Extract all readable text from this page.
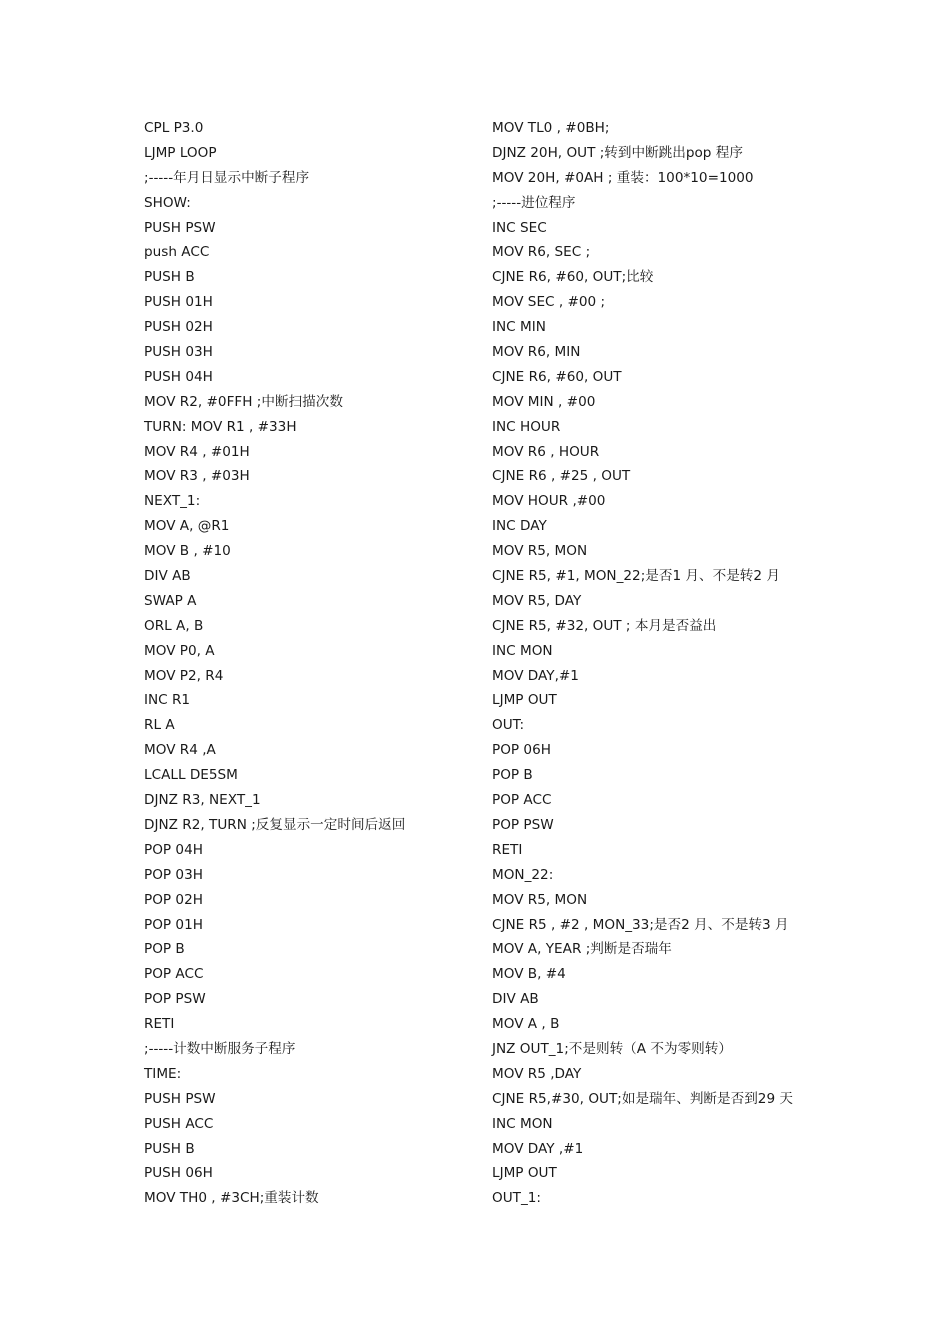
CPL P3.0
LJMP LOOP
;-----年月日显示中断子程序
SHOW:
PUSH PSW
push ACC
PUSH B
PUSH 01H
PUSH 02H
PUSH 03H
PUSH 04H
MOV R2, #0FFH ;中断扫描次数
TURN: MOV R1 , #33H
MOV R4 , #01H
MOV R3 , #03H
NEXT_1:
MOV A, @R1
MOV B , #10
DIV AB
SWAP A
ORL A, B
MOV P0, A
MOV P2, R4
INC R1
RL A
MOV R4 ,A
LCALL DE5SM
DJNZ R3, NEXT_1
DJNZ R2, TURN ;反复显示一定时间后返回
POP 04H
POP 03H
POP 02H
POP 01H
POP B
POP ACC
POP PSW
RETI
;-----计数中断服务子程序
TIME:
PUSH PSW
PUSH ACC
PUSH B
PUSH 06H
MOV TH0 , #3CH;重装计数
MOV TL0 , #0BH;
DJNZ 20H, OUT ;转到中断跳出pop 程序
MOV 20H, #0AH ; 重装：100*10=1000
;-----进位程序
INC SEC
MOV R6, SEC ;
CJNE R6, #60, OUT;比较
MOV SEC , #00 ;
INC MIN
MOV R6, MIN
CJNE R6, #60, OUT
MOV MIN , #00
INC HOUR
MOV R6 , HOUR
CJNE R6 , #25 , OUT
MOV HOUR ,#00
INC DAY
MOV R5, MON
CJNE R5, #1, MON_22;是否1 月、不是转2 月
MOV R5, DAY
CJNE R5, #32, OUT ; 本月是否益出
INC MON
MOV DAY,#1
LJMP OUT
OUT:
POP 06H
POP B
POP ACC
POP PSW
RETI
MON_22:
MOV R5, MON
CJNE R5 , #2 , MON_33;是否2 月、不是转3 月
MOV A, YEAR ;判断是否瑞年
MOV B, #4
DIV AB
MOV A , B
JNZ OUT_1;不是则转（A 不为零则转）
MOV R5 ,DAY
CJNE R5,#30, OUT;如是瑞年、判断是否到29 天
INC MON
MOV DAY ,#1
LJMP OUT
OUT_1:
